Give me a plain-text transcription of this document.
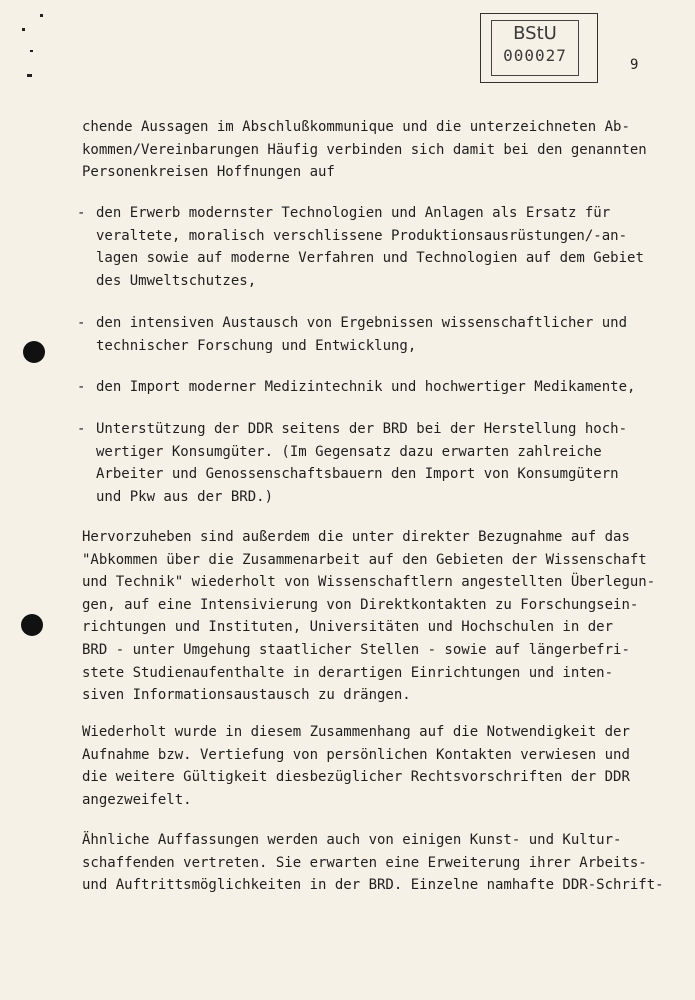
BStU
000027	9

chende Aussagen im Abschlußkommunique und die unterzeichneten Ab-

kommen/Vereinbarungen Häufig verbinden sich damit bei den genannten

Personenkreisen Hoffnungen auf

- den Erwerb modernster Technologien und Anlagen als Ersatz für

veraltete, moralisch verschlissene Produktionsausrüstungen/-an-

lagen sowie auf moderne Verfahren und Technologien auf dem Gebiet

des Umweltschutzes,

- den intensiven Austausch von Ergebnissen wissenschaftlicher und

technischer Forschung und Entwicklung,

- den Import moderner Medizintechnik und hochwertiger Medikamente,

- Unterstützung der DDR seitens der BRD bei der Herstellung hoch-

wertiger Konsumgüter. (Im Gegensatz dazu erwarten zahlreiche

Arbeiter und Genossenschaftsbauern den Import von Konsumgütern

und Pkw aus der BRD.)

Hervorzuheben sind außerdem die unter direkter Bezugnahme auf das

"Abkommen über die Zusammenarbeit auf den Gebieten der Wissenschaft

und Technik" wiederholt von Wissenschaftlern angestellten Überlegun-

gen, auf eine Intensivierung von Direktkontakten zu Forschungsein-

richtungen und Instituten, Universitäten und Hochschulen in der

BRD - unter Umgehung staatlicher Stellen - sowie auf längerbefri-

stete Studienaufenthalte in derartigen Einrichtungen und inten-

siven Informationsaustausch zu drängen.

Wiederholt wurde in diesem Zusammenhang auf die Notwendigkeit der

Aufnahme bzw. Vertiefung von persönlichen Kontakten verwiesen und

die weitere Gültigkeit diesbezüglicher Rechtsvorschriften der DDR

angezweifelt.

Ähnliche Auffassungen werden auch von einigen Kunst- und Kultur-

schaffenden vertreten. Sie erwarten eine Erweiterung ihrer Arbeits-

und Auftrittsmöglichkeiten in der BRD. Einzelne namhafte DDR-Schrift-
